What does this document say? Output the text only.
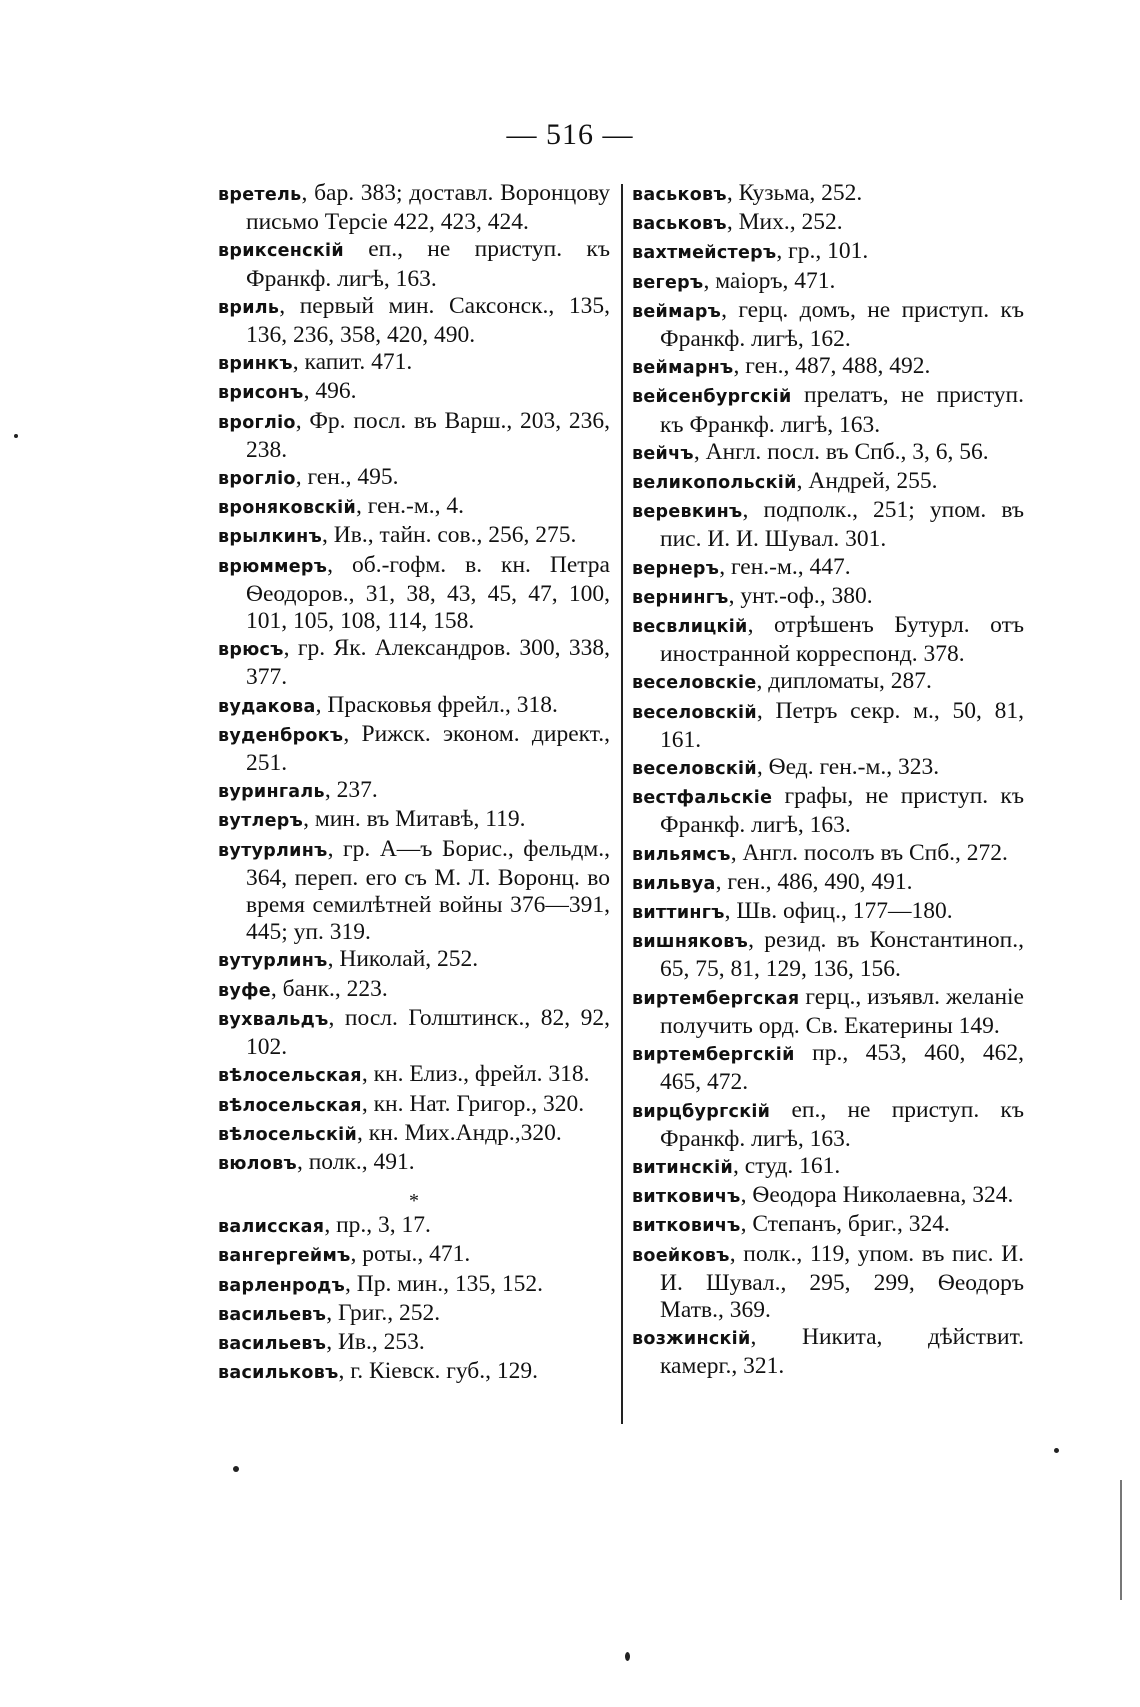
— 516 —

вретель, бар. 383; доставл. Воронцову письмо Терсіе 422, 423, 424.

вриксенскій еп., не приступ. къ Франкф. лигѣ, 163.

вриль, первый мин. Саксонск., 135, 136, 236, 358, 420, 490.

вринкъ, капит. 471.

врисонъ, 496.

врогліо, Фр. посл. въ Варш., 203, 236, 238.

врогліо, ген., 495.

вроняковскій, ген.-м., 4.

врылкинъ, Ив., тайн. сов., 256, 275.

врюммеръ, об.-гофм. в. кн. Петра Ѳеодоров., 31, 38, 43, 45, 47, 100, 101, 105, 108, 114, 158.

врюсъ, гр. Як. Александров. 300, 338, 377.

вудакова, Прасковья фрейл., 318.

вуденброкъ, Рижск. эконом. директ., 251.

вурингаль, 237.

вутлеръ, мин. въ Митавѣ, 119.

вутурлинъ, гр. А—ъ Борис., фельдм., 364, переп. его съ М. Л. Воронц. во время семилѣтней войны 376—391, 445; уп. 319.

вутурлинъ, Николай, 252.

вуфе, банк., 223.

вухвальдъ, посл. Голштинск., 82, 92, 102.

вѣлосельская, кн. Елиз., фрейл. 318.

вѣлосельская, кн. Нат. Григор., 320.

вѣлосельскій, кн. Мих.Андр.,320.

вюловъ, полк., 491.

*

валисская, пр., 3, 17.

вангергеймъ, роты., 471.

варленродъ, Пр. мин., 135, 152.

васильевъ, Григ., 252.

васильевъ, Ив., 253.

васильковъ, г. Кіевск. губ., 129.

васьковъ, Кузьма, 252.

васьковъ, Мих., 252.

вахтмейстеръ, гр., 101.

вегеръ, маіоръ, 471.

веймаръ, герц. домъ, не приступ. къ Франкф. лигѣ, 162.

веймарнъ, ген., 487, 488, 492.

вейсенбургскій прелатъ, не приступ. къ Франкф. лигѣ, 163.

вейчъ, Англ. посл. въ Спб., 3, 6, 56.

великопольскій, Андрей, 255.

веревкинъ, подполк., 251; упом. въ пис. И. И. Шувал. 301.

вернеръ, ген.-м., 447.

вернингъ, унт.-оф., 380.

весвлицкій, отрѣшенъ Бутурл. отъ иностранной корреспонд. 378.

веселовскіе, дипломаты, 287.

веселовскій, Петръ секр. м., 50, 81, 161.

веселовскій, Ѳед. ген.-м., 323.

вестфальскіе графы, не приступ. къ Франкф. лигѣ, 163.

вильямсъ, Англ. посолъ въ Спб., 272.

вильвуа, ген., 486, 490, 491.

виттингъ, Шв. офиц., 177—180.

вишняковъ, резид. въ Константиноп., 65, 75, 81, 129, 136, 156.

виртембергская герц., изъявл. желаніе получить орд. Св. Екатерины 149.

виртембергскій пр., 453, 460, 462, 465, 472.

вирцбургскій еп., не приступ. къ Франкф. лигѣ, 163.

витинскій, студ. 161.

витковичъ, Ѳеодора Николаевна, 324.

витковичъ, Степанъ, бриг., 324.

воейковъ, полк., 119, упом. въ пис. И. И. Шувал., 295, 299, Ѳеодоръ Матв., 369.

возжинскій, Никита, дѣйствит. камерг., 321.
